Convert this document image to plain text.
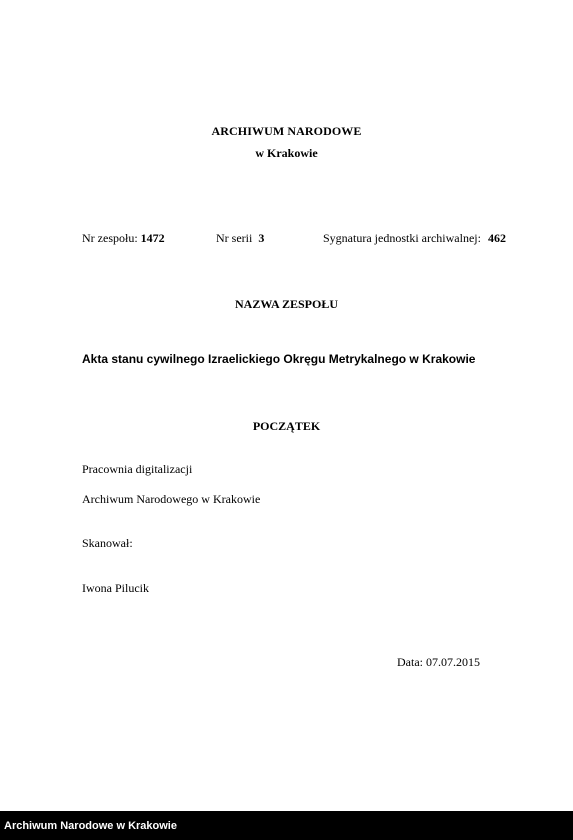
ARCHIWUM NARODOWE
w Krakowie
Nr zespołu: 1472	Nr serii 3	Sygnatura jednostki archiwalnej: 462
NAZWA ZESPOŁU
Akta stanu cywilnego Izraelickiego Okręgu Metrykalnego w Krakowie
POCZĄTEK
Pracownia digitalizacji
Archiwum Narodowego w Krakowie
Skanował:
Iwona Pilucik
Data: 07.07.2015
Archiwum Narodowe w Krakowie
